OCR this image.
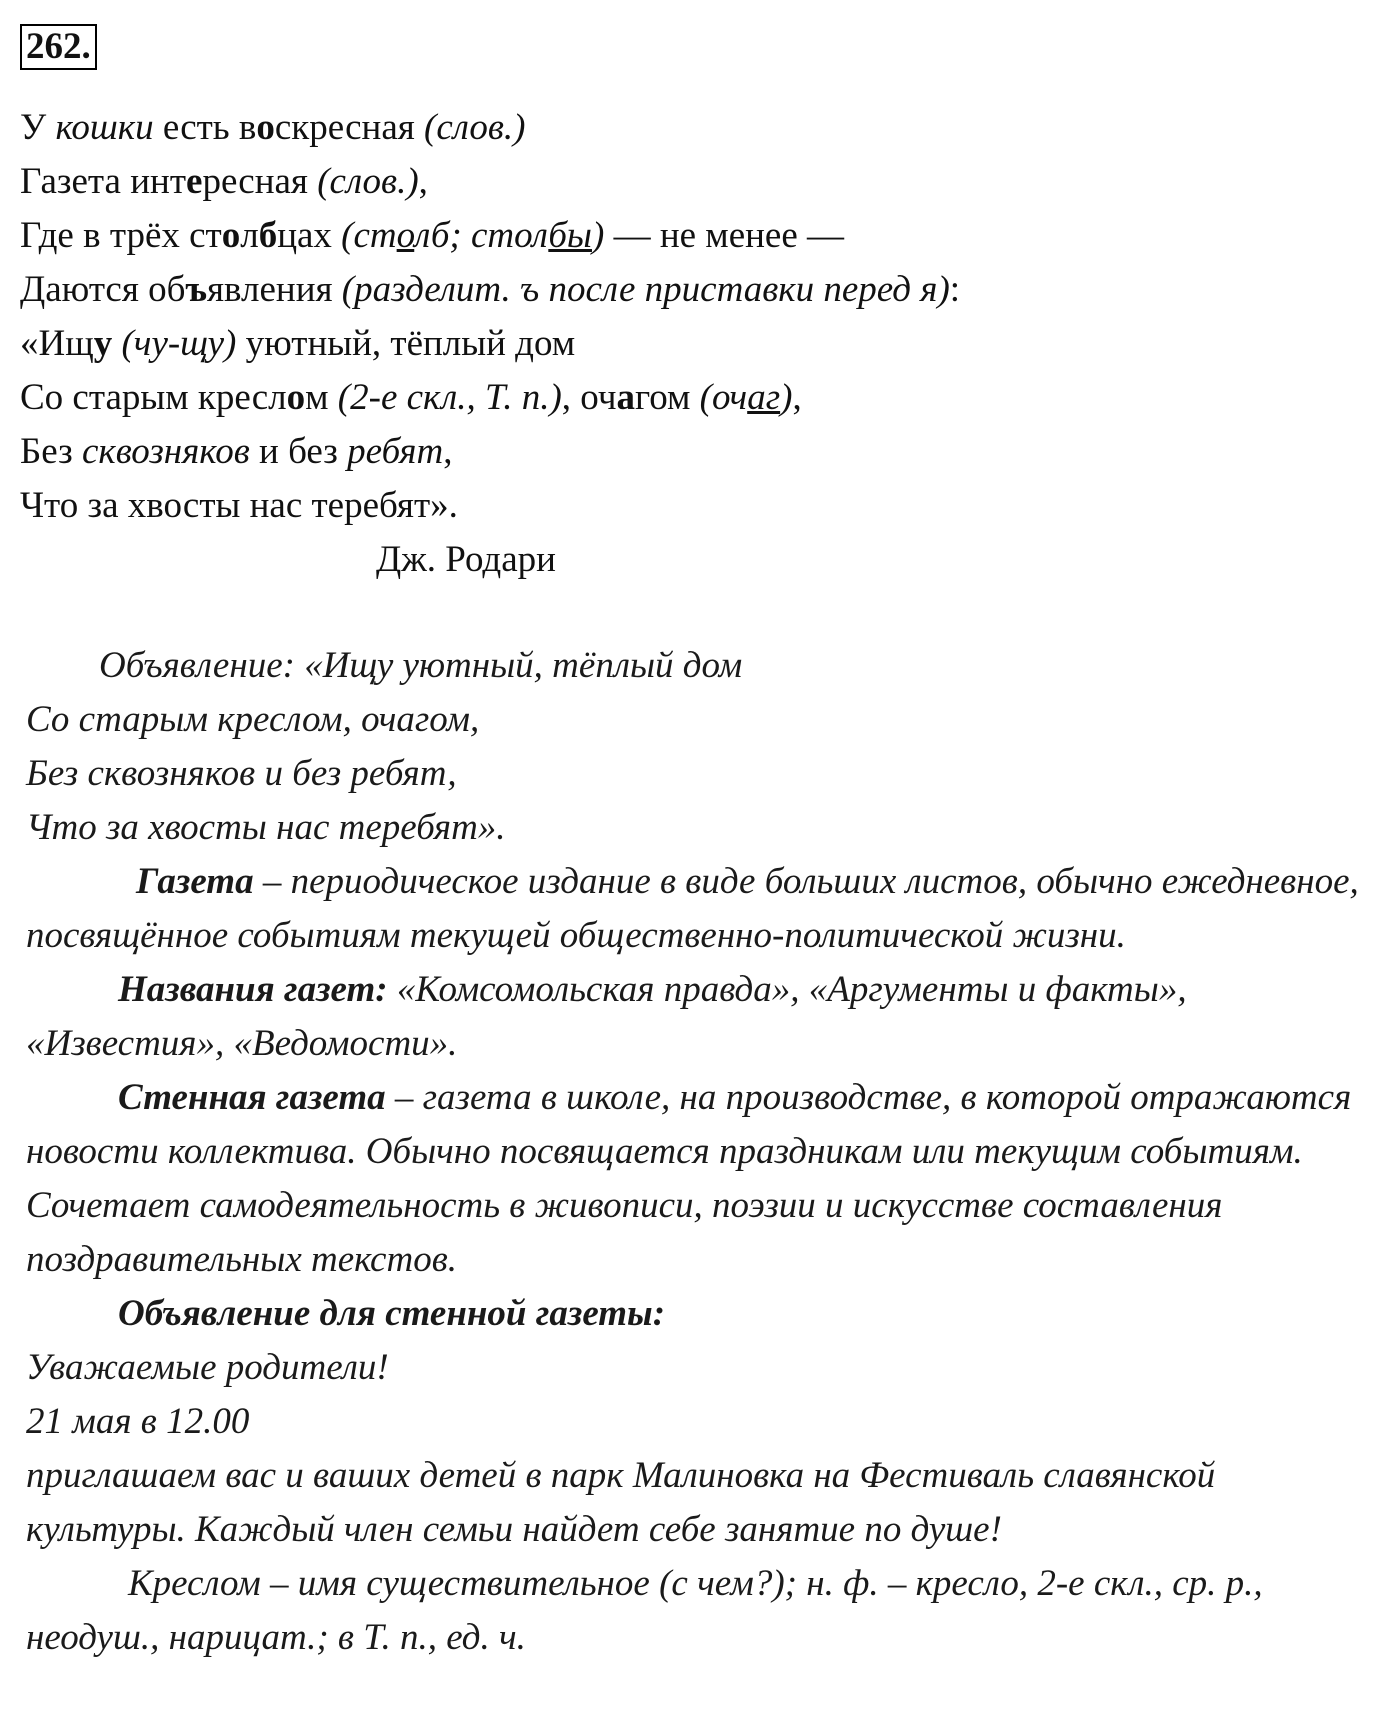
262.
У кошки есть воскресная (слов.)
Газета интересная (слов.),
Где в трёх столбцах (столб; столбы) — не менее —
Даются объявления (разделит. ъ после приставки перед я):
«Ищу (чу-щу) уютный, тёплый дом
Со старым креслом (2-е скл., Т. п.), очагом (очаг),
Без сквозняков и без ребят,
Что за хвосты нас теребят».
Дж. Родари

Объявление: «Ищу уютный, тёплый дом

Со старым креслом, очагом,

Без сквозняков и без ребят,

Что за хвосты нас теребят».

Газета – периодическое издание в виде больших листов, обычно ежедневное, посвящённое событиям текущей общественно-политической жизни.

Названия газет: «Комсомольская правда», «Аргументы и факты», «Известия», «Ведомости».

Стенная газета – газета в школе, на производстве, в которой отражаются новости коллектива. Обычно посвящается праздникам или текущим событиям. Сочетает самодеятельность в живописи, поэзии и искусстве составления поздравительных текстов.

Объявление для стенной газеты:

Уважаемые родители!

21 мая в 12.00

приглашаем вас и ваших детей в парк Малиновка на Фестиваль славянской культуры. Каждый член семьи найдет себе занятие по душе!

Креслом – имя существительное (с чем?); н. ф. – кресло, 2-е скл., ср. р., неодуш., нарицат.; в Т. п., ед. ч.
